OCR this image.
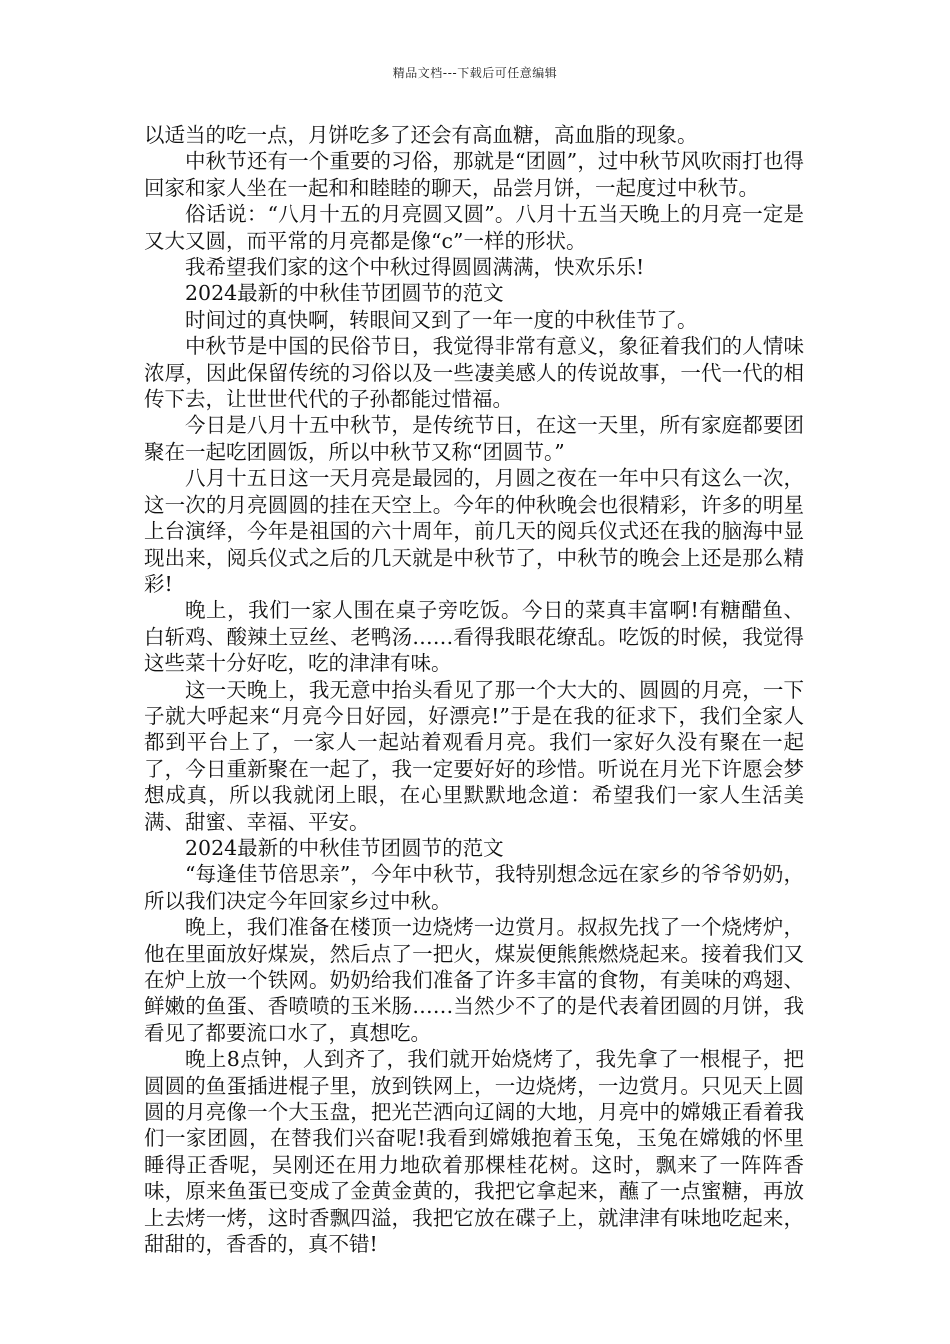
精品文档---下载后可任意编辑

以适当的吃一点，月饼吃多了还会有高血糖，高血脂的现象。

中秋节还有一个重要的习俗，那就是“团圆”，过中秋节风吹雨打也得回家和家人坐在一起和和睦睦的聊天，品尝月饼，一起度过中秋节。

俗话说：“八月十五的月亮圆又圆”。八月十五当天晚上的月亮一定是又大又圆，而平常的月亮都是像“c”一样的形状。

我希望我们家的这个中秋过得圆圆满满，快欢乐乐!

2024最新的中秋佳节团圆节的范文

时间过的真快啊，转眼间又到了一年一度的中秋佳节了。

中秋节是中国的民俗节日，我觉得非常有意义，象征着我们的人情味浓厚，因此保留传统的习俗以及一些凄美感人的传说故事，一代一代的相传下去，让世世代代的子孙都能过惜福。

今日是八月十五中秋节，是传统节日，在这一天里，所有家庭都要团聚在一起吃团圆饭，所以中秋节又称“团圆节。”

八月十五日这一天月亮是最园的，月圆之夜在一年中只有这么一次，这一次的月亮圆圆的挂在天空上。今年的仲秋晚会也很精彩，许多的明星上台演绎，今年是祖国的六十周年，前几天的阅兵仪式还在我的脑海中显现出来，阅兵仪式之后的几天就是中秋节了，中秋节的晚会上还是那么精彩!

晚上，我们一家人围在桌子旁吃饭。今日的菜真丰富啊!有糖醋鱼、白斩鸡、酸辣土豆丝、老鸭汤……看得我眼花缭乱。吃饭的时候，我觉得这些菜十分好吃，吃的津津有味。

这一天晚上，我无意中抬头看见了那一个大大的、圆圆的月亮，一下子就大呼起来“月亮今日好园，好漂亮!”于是在我的征求下，我们全家人都到平台上了，一家人一起站着观看月亮。我们一家好久没有聚在一起了，今日重新聚在一起了，我一定要好好的珍惜。听说在月光下许愿会梦想成真，所以我就闭上眼，在心里默默地念道：希望我们一家人生活美满、甜蜜、幸福、平安。

2024最新的中秋佳节团圆节的范文

“每逢佳节倍思亲”，今年中秋节，我特别想念远在家乡的爷爷奶奶，所以我们决定今年回家乡过中秋。

晚上，我们准备在楼顶一边烧烤一边赏月。叔叔先找了一个烧烤炉，他在里面放好煤炭，然后点了一把火，煤炭便熊熊燃烧起来。接着我们又在炉上放一个铁网。奶奶给我们准备了许多丰富的食物，有美味的鸡翅、鲜嫩的鱼蛋、香喷喷的玉米肠……当然少不了的是代表着团圆的月饼，我看见了都要流口水了，真想吃。

晚上8点钟，人到齐了，我们就开始烧烤了，我先拿了一根棍子，把圆圆的鱼蛋插进棍子里，放到铁网上，一边烧烤，一边赏月。只见天上圆圆的月亮像一个大玉盘，把光芒洒向辽阔的大地，月亮中的嫦娥正看着我们一家团圆，在替我们兴奋呢!我看到嫦娥抱着玉兔，玉兔在嫦娥的怀里睡得正香呢，吴刚还在用力地砍着那棵桂花树。这时，飘来了一阵阵香味，原来鱼蛋已变成了金黄金黄的，我把它拿起来，蘸了一点蜜糖，再放上去烤一烤，这时香飘四溢，我把它放在碟子上，就津津有味地吃起来，甜甜的，香香的，真不错!
